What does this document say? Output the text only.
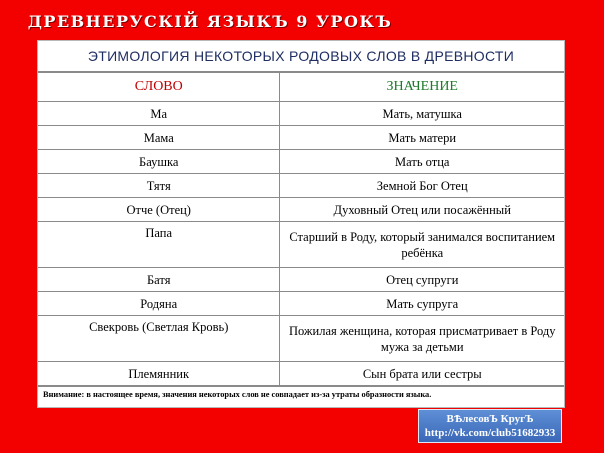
ДРЕВНЕРУСКІЙ ЯЗЫКЪ 9 УРОКЪ
ЭТИМОЛОГИЯ НЕКОТОРЫХ РОДОВЫХ СЛОВ В ДРЕВНОСТИ
СЛОВО	ЗНАЧЕНИЕ
Ма	Мать, матушка
Мама	Мать матери
Баушка	Мать отца
Тятя	Земной Бог Отец
Отче (Отец)	Духовный Отец или посажённый
Папа	Старший в Роду, который занимался воспитанием ребёнка
Батя	Отец супруги
Родяна	Мать супруга
Свекровь (Светлая Кровь)	Пожилая женщина, которая присматривает в Роду мужа за детьми
Племянник	Сын брата или сестры
Внимание: в настоящее время, значения некоторых слов не совпадает из-за утраты образности языка.
ВѢлесовЪ КругЪ
http://vk.com/club51682933
